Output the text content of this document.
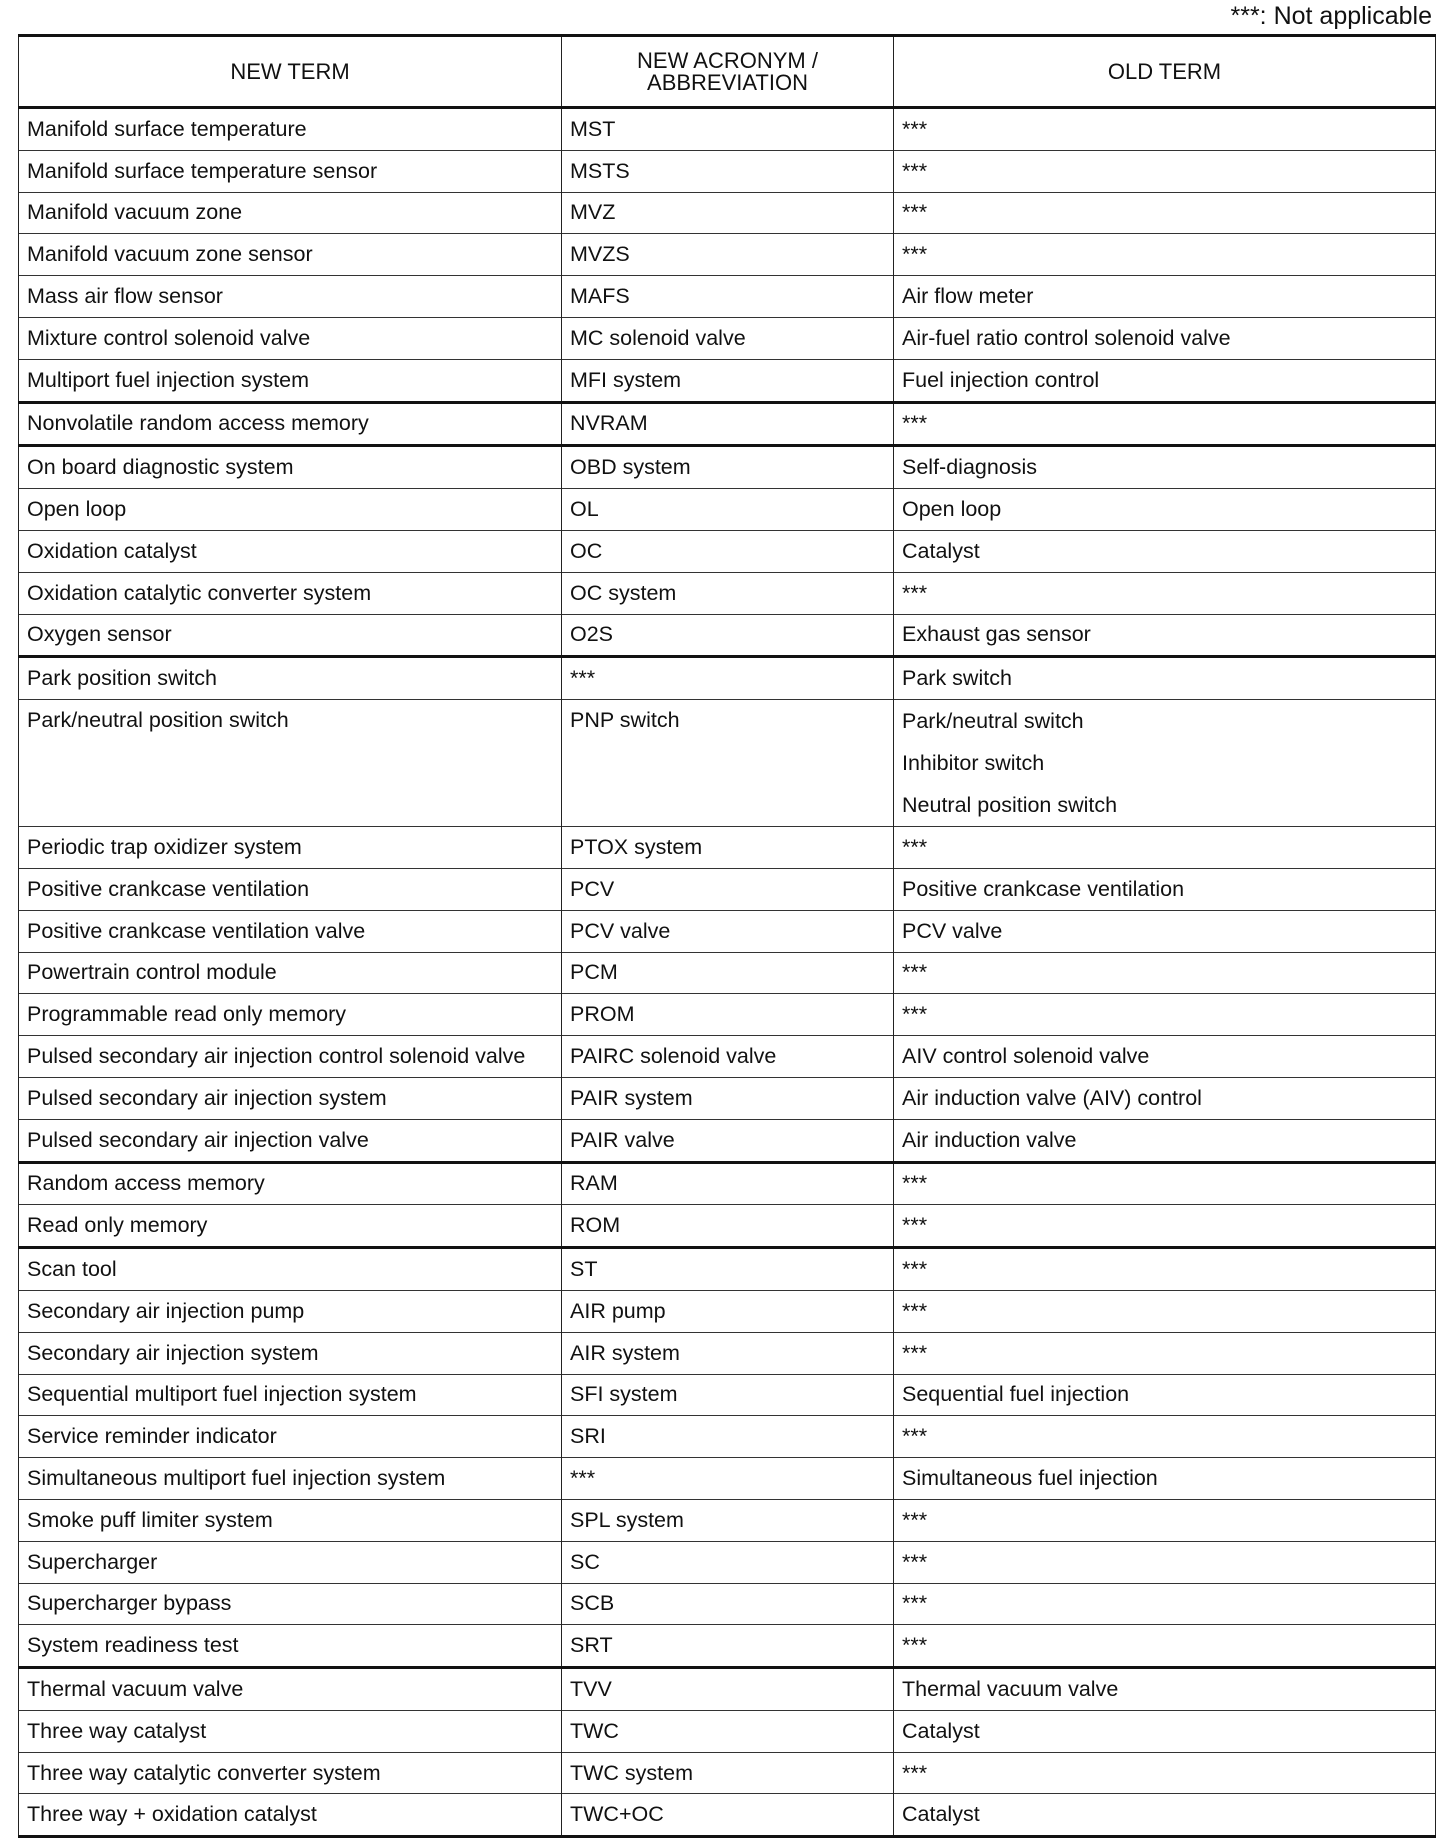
***: Not applicable
NEW TERM	NEW ACRONYM / ABBREVIATION	OLD TERM
Manifold surface temperature	MST	***
Manifold surface temperature sensor	MSTS	***
Manifold vacuum zone	MVZ	***
Manifold vacuum zone sensor	MVZS	***
Mass air flow sensor	MAFS	Air flow meter
Mixture control solenoid valve	MC solenoid valve	Air-fuel ratio control solenoid valve
Multiport fuel injection system	MFI system	Fuel injection control
Nonvolatile random access memory	NVRAM	***
On board diagnostic system	OBD system	Self-diagnosis
Open loop	OL	Open loop
Oxidation catalyst	OC	Catalyst
Oxidation catalytic converter system	OC system	***
Oxygen sensor	O2S	Exhaust gas sensor
Park position switch	***	Park switch
Park/neutral position switch	PNP switch	Park/neutral switch
Inhibitor switch
Neutral position switch

Periodic trap oxidizer system	PTOX system	***
Positive crankcase ventilation	PCV	Positive crankcase ventilation
Positive crankcase ventilation valve	PCV valve	PCV valve
Powertrain control module	PCM	***
Programmable read only memory	PROM	***
Pulsed secondary air injection control solenoid valve	PAIRC solenoid valve	AIV control solenoid valve
Pulsed secondary air injection system	PAIR system	Air induction valve (AIV) control
Pulsed secondary air injection valve	PAIR valve	Air induction valve
Random access memory	RAM	***
Read only memory	ROM	***
Scan tool	ST	***
Secondary air injection pump	AIR pump	***
Secondary air injection system	AIR system	***
Sequential multiport fuel injection system	SFI system	Sequential fuel injection
Service reminder indicator	SRI	***
Simultaneous multiport fuel injection system	***	Simultaneous fuel injection
Smoke puff limiter system	SPL system	***
Supercharger	SC	***
Supercharger bypass	SCB	***
System readiness test	SRT	***
Thermal vacuum valve	TVV	Thermal vacuum valve
Three way catalyst	TWC	Catalyst
Three way catalytic converter system	TWC system	***
Three way + oxidation catalyst	TWC+OC	Catalyst
